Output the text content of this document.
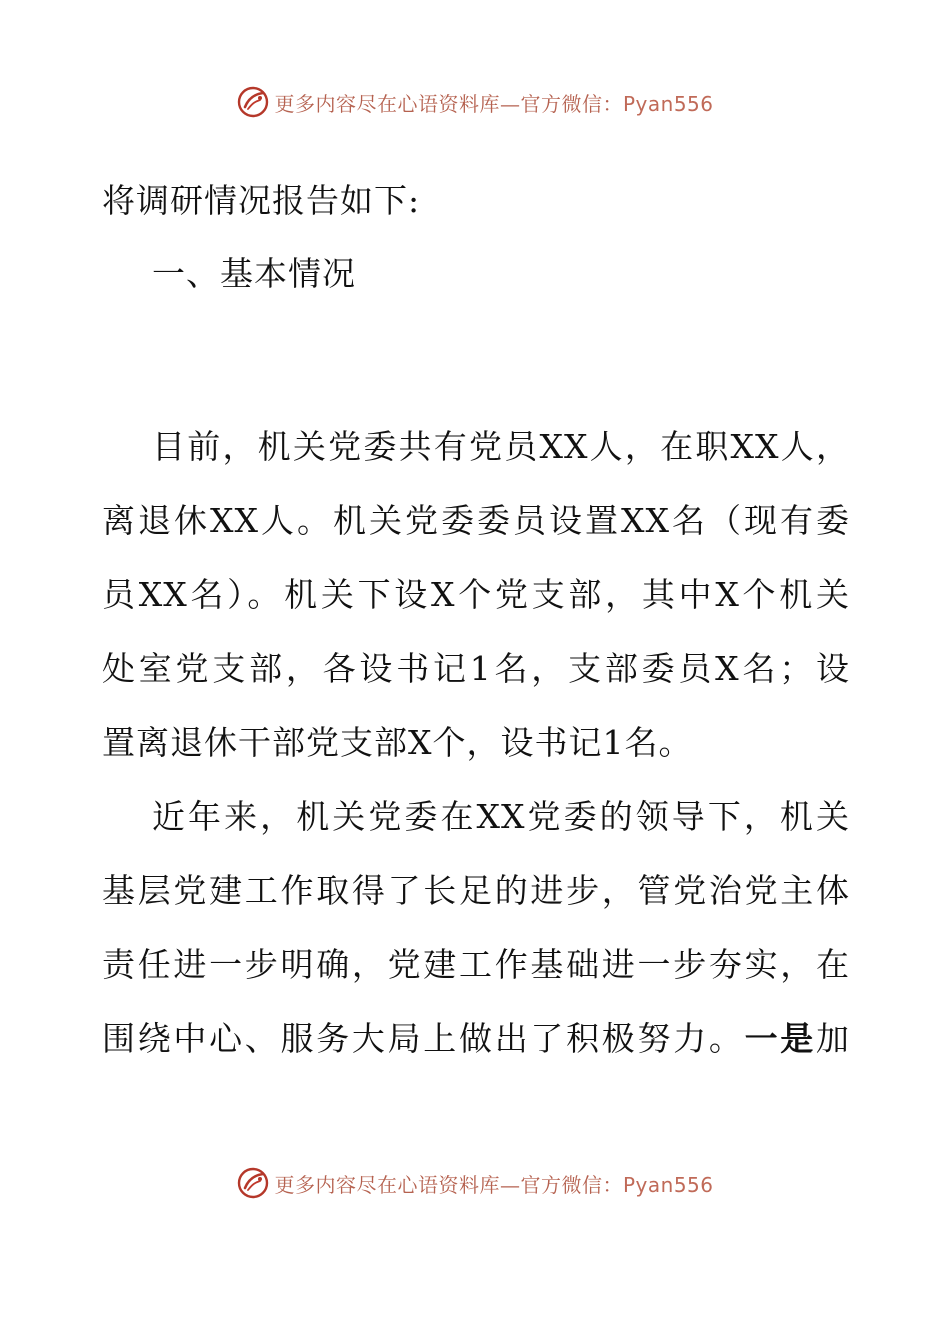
更多内容尽在心语资料库—官方微信：Pyan556
将调研情况报告如下:
一、基本情况
目前，机关党委共有党员XX人，在职XX人，
离退休XX人。机关党委委员设置XX名（现有委
员XX名）。机关下设X个党支部，其中X个机关
处室党支部，各设书记1名，支部委员X名；设
置离退休干部党支部X个，设书记1名。
近年来，机关党委在XX党委的领导下，机关
基层党建工作取得了长足的进步，管党治党主体
责任进一步明确，党建工作基础进一步夯实，在
围绕中心、服务大局上做出了积极努力。一是加
更多内容尽在心语资料库—官方微信：Pyan556
